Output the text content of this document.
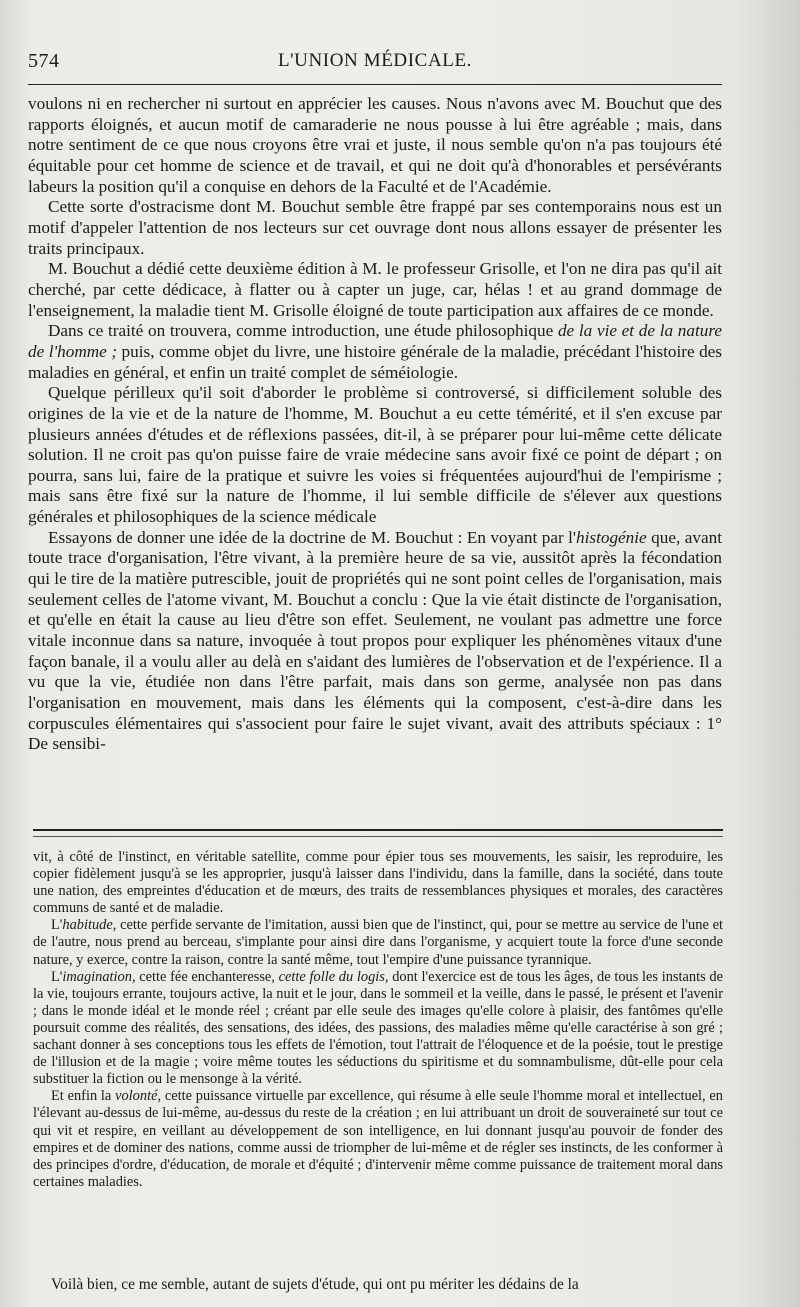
574	L'UNION MÉDICALE.

voulons ni en rechercher ni surtout en apprécier les causes. Nous n'avons avec M. Bouchut que des rapports éloignés, et aucun motif de camaraderie ne nous pousse à lui être agréable ; mais, dans notre sentiment de ce que nous croyons être vrai et juste, il nous semble qu'on n'a pas toujours été équitable pour cet homme de science et de travail, et qui ne doit qu'à d'honorables et persévérants labeurs la position qu'il a conquise en dehors de la Faculté et de l'Académie.

Cette sorte d'ostracisme dont M. Bouchut semble être frappé par ses contemporains nous est un motif d'appeler l'attention de nos lecteurs sur cet ouvrage dont nous allons essayer de présenter les traits principaux.

M. Bouchut a dédié cette deuxième édition à M. le professeur Grisolle, et l'on ne dira pas qu'il ait cherché, par cette dédicace, à flatter ou à capter un juge, car, hélas ! et au grand dommage de l'enseignement, la maladie tient M. Grisolle éloigné de toute participation aux affaires de ce monde.

Dans ce traité on trouvera, comme introduction, une étude philosophique de la vie et de la nature de l'homme ; puis, comme objet du livre, une histoire générale de la maladie, précédant l'histoire des maladies en général, et enfin un traité complet de séméiologie.

Quelque périlleux qu'il soit d'aborder le problème si controversé, si difficilement soluble des origines de la vie et de la nature de l'homme, M. Bouchut a eu cette témérité, et il s'en excuse par plusieurs années d'études et de réflexions passées, dit-il, à se préparer pour lui-même cette délicate solution. Il ne croit pas qu'on puisse faire de vraie médecine sans avoir fixé ce point de départ ; on pourra, sans lui, faire de la pratique et suivre les voies si fréquentées aujourd'hui de l'empirisme ; mais sans être fixé sur la nature de l'homme, il lui semble difficile de s'élever aux questions générales et philosophiques de la science médicale

Essayons de donner une idée de la doctrine de M. Bouchut : En voyant par l'histogénie que, avant toute trace d'organisation, l'être vivant, à la première heure de sa vie, aussitôt après la fécondation qui le tire de la matière putrescible, jouit de propriétés qui ne sont point celles de l'organisation, mais seulement celles de l'atome vivant, M. Bouchut a conclu : Que la vie était distincte de l'organisation, et qu'elle en était la cause au lieu d'être son effet. Seulement, ne voulant pas admettre une force vitale inconnue dans sa nature, invoquée à tout propos pour expliquer les phénomènes vitaux d'une façon banale, il a voulu aller au delà en s'aidant des lumières de l'observation et de l'expérience. Il a vu que la vie, étudiée non dans l'être parfait, mais dans son germe, analysée non pas dans l'organisation en mouvement, mais dans les éléments qui la composent, c'est-à-dire dans les corpuscules élémentaires qui s'associent pour faire le sujet vivant, avait des attributs spéciaux : 1° De sensibi-

vit, à côté de l'instinct, en véritable satellite, comme pour épier tous ses mouvements, les saisir, les reproduire, les copier fidèlement jusqu'à se les approprier, jusqu'à laisser dans l'individu, dans la famille, dans la société, dans toute une nation, des empreintes d'éducation et de mœurs, des traits de ressemblances physiques et morales, des caractères communs de santé et de maladie.

L'habitude, cette perfide servante de l'imitation, aussi bien que de l'instinct, qui, pour se mettre au service de l'une et de l'autre, nous prend au berceau, s'implante pour ainsi dire dans l'organisme, y acquiert toute la force d'une seconde nature, y exerce, contre la raison, contre la santé même, tout l'empire d'une puissance tyrannique.

L'imagination, cette fée enchanteresse, cette folle du logis, dont l'exercice est de tous les âges, de tous les instants de la vie, toujours errante, toujours active, la nuit et le jour, dans le sommeil et la veille, dans le passé, le présent et l'avenir ; dans le monde idéal et le monde réel ; créant par elle seule des images qu'elle colore à plaisir, des fantômes qu'elle poursuit comme des réalités, des sensations, des idées, des passions, des maladies même qu'elle caractérise à son gré ; sachant donner à ses conceptions tous les effets de l'émotion, tout l'attrait de l'éloquence et de la poésie, tout le prestige de l'illusion et de la magie ; voire même toutes les séductions du spiritisme et du somnambulisme, dût-elle pour cela substituer la fiction ou le mensonge à la vérité.

Et enfin la volonté, cette puissance virtuelle par excellence, qui résume à elle seule l'homme moral et intellectuel, en l'élevant au-dessus de lui-même, au-dessus du reste de la création ; en lui attribuant un droit de souveraineté sur tout ce qui vit et respire, en veillant au développement de son intelligence, en lui donnant jusqu'au pouvoir de fonder des empires et de dominer des nations, comme aussi de triompher de lui-même et de régler ses instincts, de les conformer à des principes d'ordre, d'éducation, de morale et d'équité ; d'intervenir même comme puissance de traitement moral dans certaines maladies.

Voilà bien, ce me semble, autant de sujets d'étude, qui ont pu mériter les dédains de la
